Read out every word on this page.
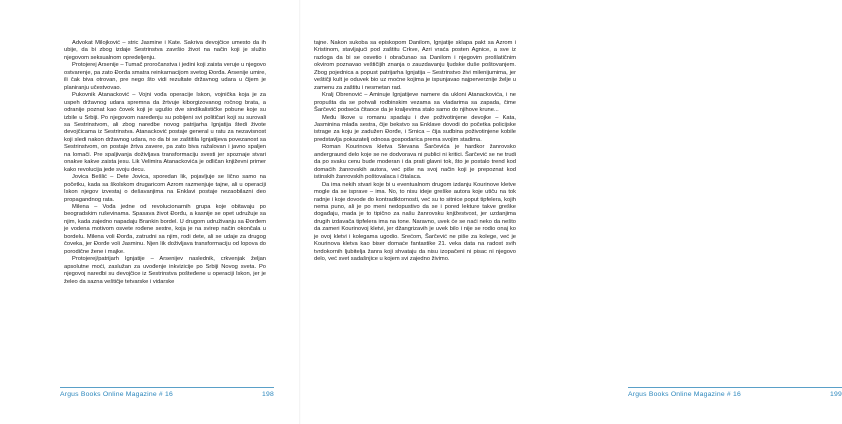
Advokat Milojković – stric Jasmine i Kate. Sakriva devojčice umesto da ih ubije, da bi zbog izdaje Sestrinstva završio život na način koji je služio njegovom seksualnom opredeljenju.

Protojerej Arsenije – Tumač proročanstva i jedini koji zaista veruje u njegovo ostvarenje, pa zato Đorđa smatra reinkarnacijom svetog Đorđa. Arsenije umire, ili čak biva otrovan, pre nego što vidi rezultate državnog udara u čijem je planiranju učestvovao.

Pukovnik Atanacković – Vojni vođa operacije Iskon, vojnička koja je za uspeh državnog udara spremna da žrtvuje kiborgizovanog ročnog brata, a odranije poznat kao čovek koji je ugušio dve sindikalističke pobune koje su izbile u Srbiji. Po njegovom naređenju su pobijeni svi političari koji su surovali sa Sestrinstvom, ali zbog naredbe novog patrijarha Ignjatija štedi živote devojčicama iz Sestrinstva. Atanacković postaje general u ratu za nezavisnost koji sledi nakon državnog udara, no da bi se zaštitila Ignjatijeva povezanost sa Sestrinstvom, on postaje žrtva zavere, pa zato biva ražalovan i javno spaljen na lomači. Pre spaljivanja doživljava transformaciju svesti jer spoznaje stvari onakve kakve zaista jesu. Lik Velimira Atanackovića je odličan književni primer kako revolucija jede svoju decu.

Jovica Bešlić – Dete Jovica, sporedan lik, pojavljuje se lično samo na početku, kada sa školskom drugaricom Azrom razmenjuje tajne, ali u operaciji Iskon njegov izvestaj o dešavanjima na Enklavi postaje nezaobilazni deo propagandnog rata.

Milena – Vođa jedne od revolucionarnih grupa koje obitavaju po beogradskim ruševinama. Spasava život Đorđu, a kasnije se opet udružuje sa njim, kada zajedno napadaju Brankin bordel. U drugom udruživanju sa Đorđem je vodena motivom osvete rođene sestre, koja je na svirep način okončala u bordelu. Milena voli Đorđa, zatrudni sa njim, rodi dete, ali se udaje za drugog čoveka, jer Đorđe voli Jasminu. Njen lik doživljava transformaciju od lopova do porodične žene i majke.

Protojerej/patrijarh Ignjatije – Arsenijev naslednik, crkvenjak željan apsolutne moći, zaslužan za uvođenje inkvizicije po Srbiji Novog sveta. Po njegovoj naredbi su devojčice iz Sestrinstva pošteđene u operaciji Iskon, jer je želeo da sazna veštičje tetvarske i vidarske

Argus Books Online Magazine # 16	198

tajne. Nakon sukoba sa episkopom Danilom, Ignjatije sklapa pakt sa Azrom i Kristinom, stavljajući pod zaštitu Crkve, Azri vraća posten Agnice, a sve iz razloga da bi se osvetio i obračunao sa Danilom i njegovim prošlatičnim okvirom poznavao veštičijih znanja o zauzdavanju ljudske duše poštovanjem. Zbog pojednica a popust patrijarha Ignjatija – Sestrinstvo živi milenijumima, jer veštičji kult je oduvek bio uz moćne kojima je ispunjavao najperverznije želje u zamenu za zaštitu i nesmetan rad.

Kralj Obrenović – Aminuje Ignjatijeve namere da ukloni Atanackovića, i ne propušta da se pohvali rodbinskim vezama sa vladarima sa zapada, čime Šarčević podseća čitaoce da je kraljevima stalo samo do njihove krune...

Među likove u romanu spadaju i dve poživotinjene devojke – Kata, Jasminina mlađa sestra, čije bekstvo sa Enklave dovodi do početka policijske istrage za koju je zadužen Đorđe, i Srnica – čija sudbina poživotinjene kobile predstavlja pokazatelj odnosa gospodarica prema svojim stadima.

Roman Kourinova kletva Stevana Šarčevića je hardkor žanrovsko andergraund delo koje se ne dodvorava ni publici ni kritici. Šarčević se ne trudi da po svaku cenu bude moderan i da prati glavni tok, što je postalo trend kod domaćih žanrovskih autora, već piše na svoj način koji je prepoznat kod istinskih žanrovskih poštovalaca i čitalaca.

Da ima nekih stvari koje bi u eventualnom drugom izdanju Kourinove kletve mogle da se isprave – ima. No, to nisu ideje greške autora koje utiču na tok radnje i koje dovode do kontradiktornosti, već su to sitnice poput tipfelera, kojih nema puno, ali je po meni nedopustivo da se i pored lekture takve greške događaju, mada je to tipično za našu žanrovsku knjižestvost, jer uzdanjima drugih izdavača tipfelera ima na tone. Naravno, uvek će se naći neko da nešto da zameri Kourinovoj kletvi, jer džangrizavih je uvek bilo i nije se rodio onaj ko je ovoj kletvi i kolegama ugodio. Srećom, Šarčević ne piše za kolege, već je Kourinova kletva kao biser domaće fantastike 21. veka data na radost svih tvrdokornih ljubitelja žanra koji shvataju da nisu izopačeni ni pisac ni njegovo delo, već svet sadašnjice u kojem svi zajedno živimo.

Argus Books Online Magazine # 16	199
